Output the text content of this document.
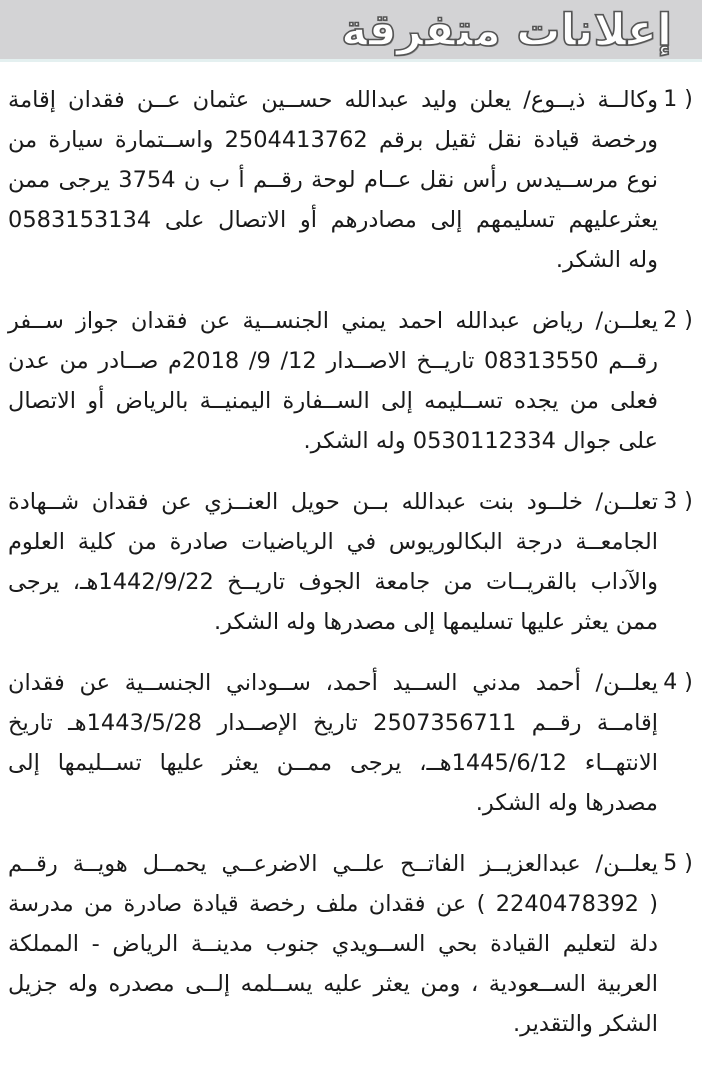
إعلانات متفرقة
1 )
وكالــة ذيــوع/ يعلن وليد عبدالله حســين عثمان عــن فقدان إقامة
ورخصة قيادة نقل ثقيل برقم 2504413762 واســتمارة سيارة من
نوع مرســيدس رأس نقل عــام لوحة رقــم أ ب ن 3754 يرجى ممن
يعثرعليهم تسليمهم إلى مصادرهم أو الاتصال على 0583153134
وله الشكر.
2 )
يعلــن/ رياض عبدالله احمد يمني الجنســية عن فقدان جواز ســفر
رقــم 08313550 تاريــخ الاصــدار 12/ 9/ 2018م صــادر من عدن
فعلى من يجده تســليمه إلى الســفارة اليمنيــة بالرياض أو الاتصال
على جوال 0530112334 وله الشكر.
3 )
تعلــن/ خلــود بنت عبدالله بــن حويل العنــزي عن فقدان شــهادة
الجامعــة درجة البكالوريوس في الرياضيات صادرة من كلية العلوم
والآداب بالقريــات من جامعة الجوف تاريــخ 1442/9/22هـ، يرجى
ممن يعثر عليها تسليمها إلى مصدرها وله الشكر.
4 )
يعلــن/ أحمد مدني الســيد أحمد، ســوداني الجنســية عن فقدان
إقامــة رقــم 2507356711 تاريخ الإصــدار 1443/5/28هـ تاريخ
الانتهــاء 1445/6/12هــ، يرجى ممــن يعثر عليها تســليمها إلى
مصدرها وله الشكر.
5 )
يعلــن/ عبدالعزيــز الفاتــح علــي الاضرعــي يحمــل هويــة رقــم
( 2240478392 ) عن فقدان ملف رخصة قيادة صادرة من مدرسة
دلة لتعليم القيادة بحي الســويدي جنوب مدينــة الرياض - المملكة
العربية الســعودية ، ومن يعثر عليه يســلمه إلــى مصدره وله جزيل
الشكر والتقدير.
